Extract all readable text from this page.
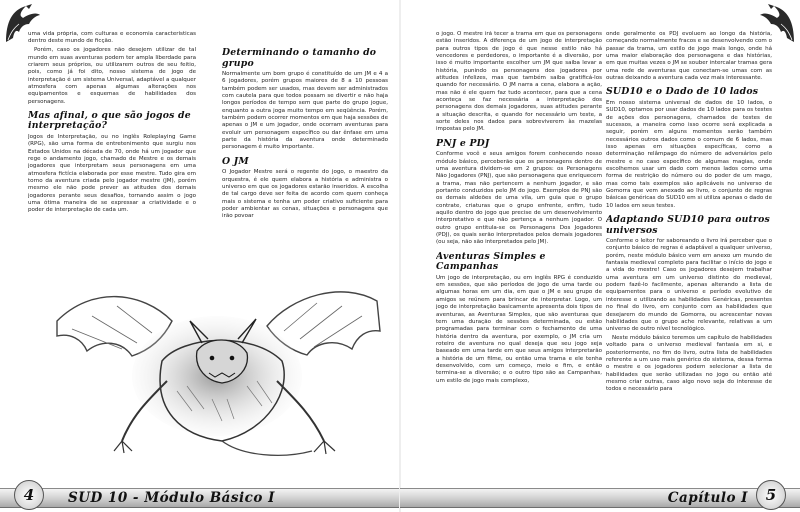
uma vida própria, com culturas e economia características dentro deste mundo de ficção.

Porém, caso os jogadores não desejem utilizar de tal mundo em suas aventuras podem ter ampla liberdade para criarem seus próprios, ou utilizarem outros de seu feitio, pois, como já foi dito, nosso sistema de jogo de interpretação é um sistema Universal, adaptável a qualquer atmosfera com apenas algumas alterações nos equipamentos e esquemas de habilidades dos personagens.

Mas afinal, o que são jogos de interpretação?

Jogos de Interpretação, ou no inglês Roleplaying Game (RPG), são uma forma de entretenimento que surgiu nos Estados Unidos na década de 70, onde há um jogador que rege o andamento jogo, chamado de Mestre e os demais jogadores que interpretam seus personagens em uma atmosfera fictícia elaborada por esse mestre. Tudo gira em torno da aventura criada pelo jogador mestre (JM), porém mesmo ele não pode prever as atitudes dos demais jogadores perante seus desafios, tornando assim o jogo uma ótima maneira de se expressar a criatividade e o poder de interpretação de cada um.

Determinando o tamanho do grupo

Normalmente um bom grupo é constituído de um JM e 4 a 6 jogadores, porém grupos maiores de 8 a 10 pessoas também podem ser usados, mas devem ser administrados com cautela para que todos possam se divertir e não haja longos períodos de tempo sem que parte do grupo jogue, enquanto a outra joga muito tempo em seqüência. Porém, também podem ocorrer momentos em que haja sessões de apenas o JM e um jogador, onde ocorram aventuras para evoluir um personagem específico ou dar ênfase em uma parte da história da aventura onde determinado personagem é muito importante.

O JM

O Jogador Mestre será o regente do jogo, o maestro da orquestra, é ele quem elabora a história e administra o universo em que os jogadores estarão inseridos. A escolha de tal cargo deve ser feita de acordo com quem conheça mais o sistema e tenha um poder criativo suficiente para poder ambientar as cenas, situações e personagens que irão povoar

4	SUD 10 - Módulo Básico I

o jogo. O mestre irá tecer a trama em que os personagens estão inseridos. A diferença de um jogo de interpretação para outros tipos de jogo é que nesse estilo não há vencedores e perdedores, o importante é a diversão, por isso é muito importante escolher um JM que saiba levar a história, punindo os personagens dos jogadores por atitudes infelizes, mas que também saiba gratificá-los quando for necessário. O JM narra a cena, elabora a ação, mas não é ele quem faz tudo acontecer, para que a cena aconteça se faz necessária a interpretação dos personagens dos demais jogadores, suas atitudes perante a situação descrita, e quando for necessário um teste, a sorte deles nos dados para sobreviverem às mazelas impostas pelo JM.

PNJ e PDJ

Conforme você e seus amigos forem conhecendo nosso módulo básico, perceberão que os personagens dentro de uma aventura dividem-se em 2 grupos: os Personagens Não Jogadores (PNJ), que são personagens que enriquecem a trama, mas não pertencem a nenhum jogador, e são portanto conduzidos pelo JM do jogo. Exemplos de PNJ são os demais aldeões de uma vila, um guia que o grupo contrate, criaturas que o grupo enfrente, enfim, tudo aquilo dentro do jogo que precise de um desenvolvimento interpretativo e que não pertença a nenhum jogador. O outro grupo entitula-se os Personagens Dos Jogadores (PDJ), os quais serão interpretados pelos demais jogadores (ou seja, não são interpretados pelo JM).

Aventuras Simples e Campanhas

Um jogo de interpretação, ou em inglês RPG é conduzido em sessões, que são períodos de jogo de uma tarde ou algumas horas em um dia, em que o JM e seu grupo de amigos se reúnem para brincar de interpretar. Logo, um jogo de interpretação basicamente apresenta dois tipos de aventuras, as Aventuras Simples, que são aventuras que tem uma duração de sessões determinada, ou estão programadas para terminar com o fechamento de uma história dentro da aventura, por exemplo, o JM cria um roteiro de aventura no qual deseja que seu jogo seja baseado em uma tarde em que seus amigos interpretarão a história de um filme, ou então uma trama e ele tenha desenvolvido, com um começo, meio e fim, e então termina-se a diversão; e o outro tipo são as Campanhas, um estilo de jogo mais complexo,

onde geralmente os PDJ evoluem ao longo da história, começando normalmente fracos e se desenvolvendo com o passar da trama, um estilo de jogo mais longo, onde há uma maior elaboração dos personagens e das histórias, em que muitas vezes o JM se souber intercalar tramas gera uma rede de aventuras que conectam-se umas com as outras deixando a aventura cada vez mais interessante.

SUD10 e o Dado de 10 lados

Em nosso sistema universal de dados de 10 lados, o SUD10, optamos por usar dados de 10 lados para os testes de ações dos personagens, chamados de testes de sucessos, a maneira como isso ocorre será explicada a seguir, porém em alguns momentos serão também necessários outros dados como o comum de 6 lados, mas isso apenas em situações específicas, como a determinação relâmpago do número de adversários pelo mestre e no caso específico de algumas magias, onde escolhemos usar um dado com menos lados como uma forma de restrição do número ou do poder de um mago, mas como tais exemplos são aplicáveis no universo de Gomorra que vem anexado ao livro, o conjunto de regras básicas genéricas do SUD10 em si utiliza apenas o dado de 10 lados em seus testes.

Adaptando SUD10 para outros universos

Conforme o leitor for saboreando o livro irá perceber que o conjunto básico de regras é adaptável a qualquer universo, porém, neste módulo básico vem em anexo um mundo de fantasia medieval completo para facilitar o início do jogo e a vida do mestre! Caso os jogadores desejem trabalhar uma aventura em um universo distinto do medieval, podem fazê-lo facilmente, apenas alterando a lista de equipamentos para o universo e período evolutivo de interesse e utilizando as habilidades Genéricas, presentes no final do livro, em conjunto com as habilidades que desejarem do mundo de Gomorra, ou acrescentar novas habilidades que o grupo ache relevante, relativas a um universo de outro nível tecnológico.

Neste módulo básico teremos um capítulo de habilidades voltado para o universo medieval fantasia em si, e posteriormente, no fim do livro, outra lista de habilidades referente a um uso mais genérico do sistema, dessa forma o mestre e os jogadores podem selecionar a lista de habilidades que serão utilizadas no jogo ou então até mesmo criar outras, caso algo novo seja do interesse de todos e necessário para

Capítulo I	5
